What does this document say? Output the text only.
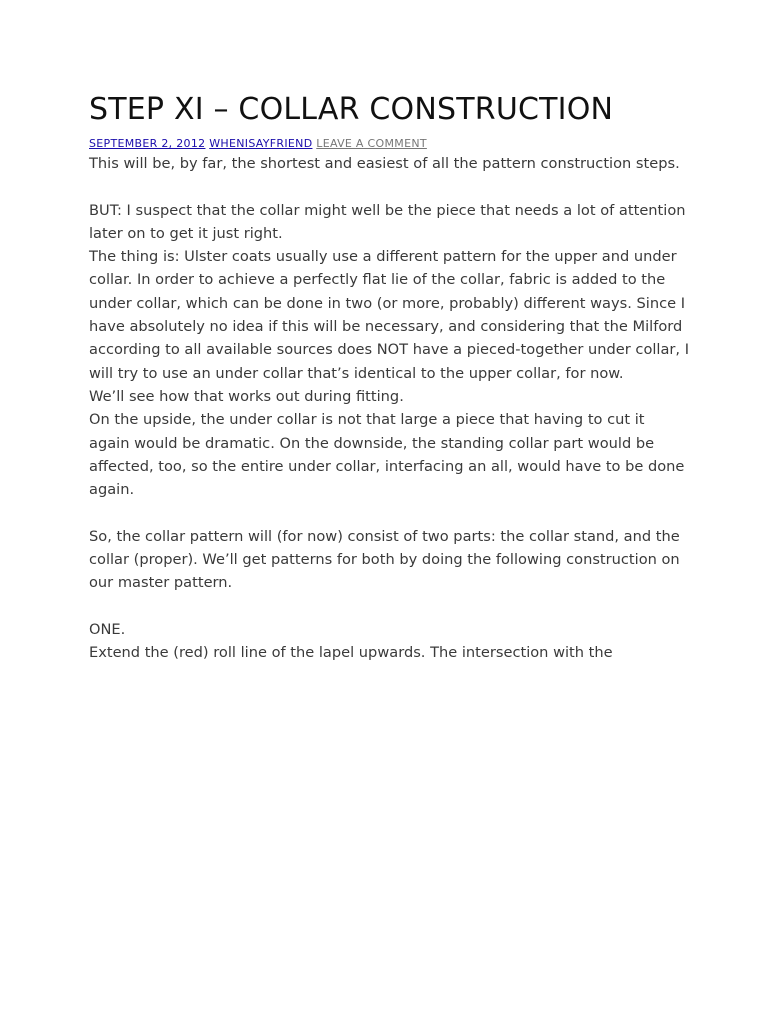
STEP XI – COLLAR CONSTRUCTION
SEPTEMBER 2, 2012 WHENISAYFRIEND LEAVE A COMMENT

This will be, by far, the shortest and easiest of all the pattern construction steps.

BUT: I suspect that the collar might well be the piece that needs a lot of attention later on to get it just right.

The thing is: Ulster coats usually use a different pattern for the upper and under collar. In order to achieve a perfectly flat lie of the collar, fabric is added to the under collar, which can be done in two (or more, probably) different ways. Since I have absolutely no idea if this will be necessary, and considering that the Milford according to all available sources does NOT have a pieced-together under collar, I will try to use an under collar that’s identical to the upper collar, for now.

We’ll see how that works out during fitting.

On the upside, the under collar is not that large a piece that having to cut it again would be dramatic. On the downside, the standing collar part would be affected, too, so the entire under collar, interfacing an all, would have to be done again.

So, the collar pattern will (for now) consist of two parts: the collar stand, and the collar (proper). We’ll get patterns for both by doing the following construction on our master pattern.

ONE.

Extend the (red) roll line of the lapel upwards. The intersection with the
